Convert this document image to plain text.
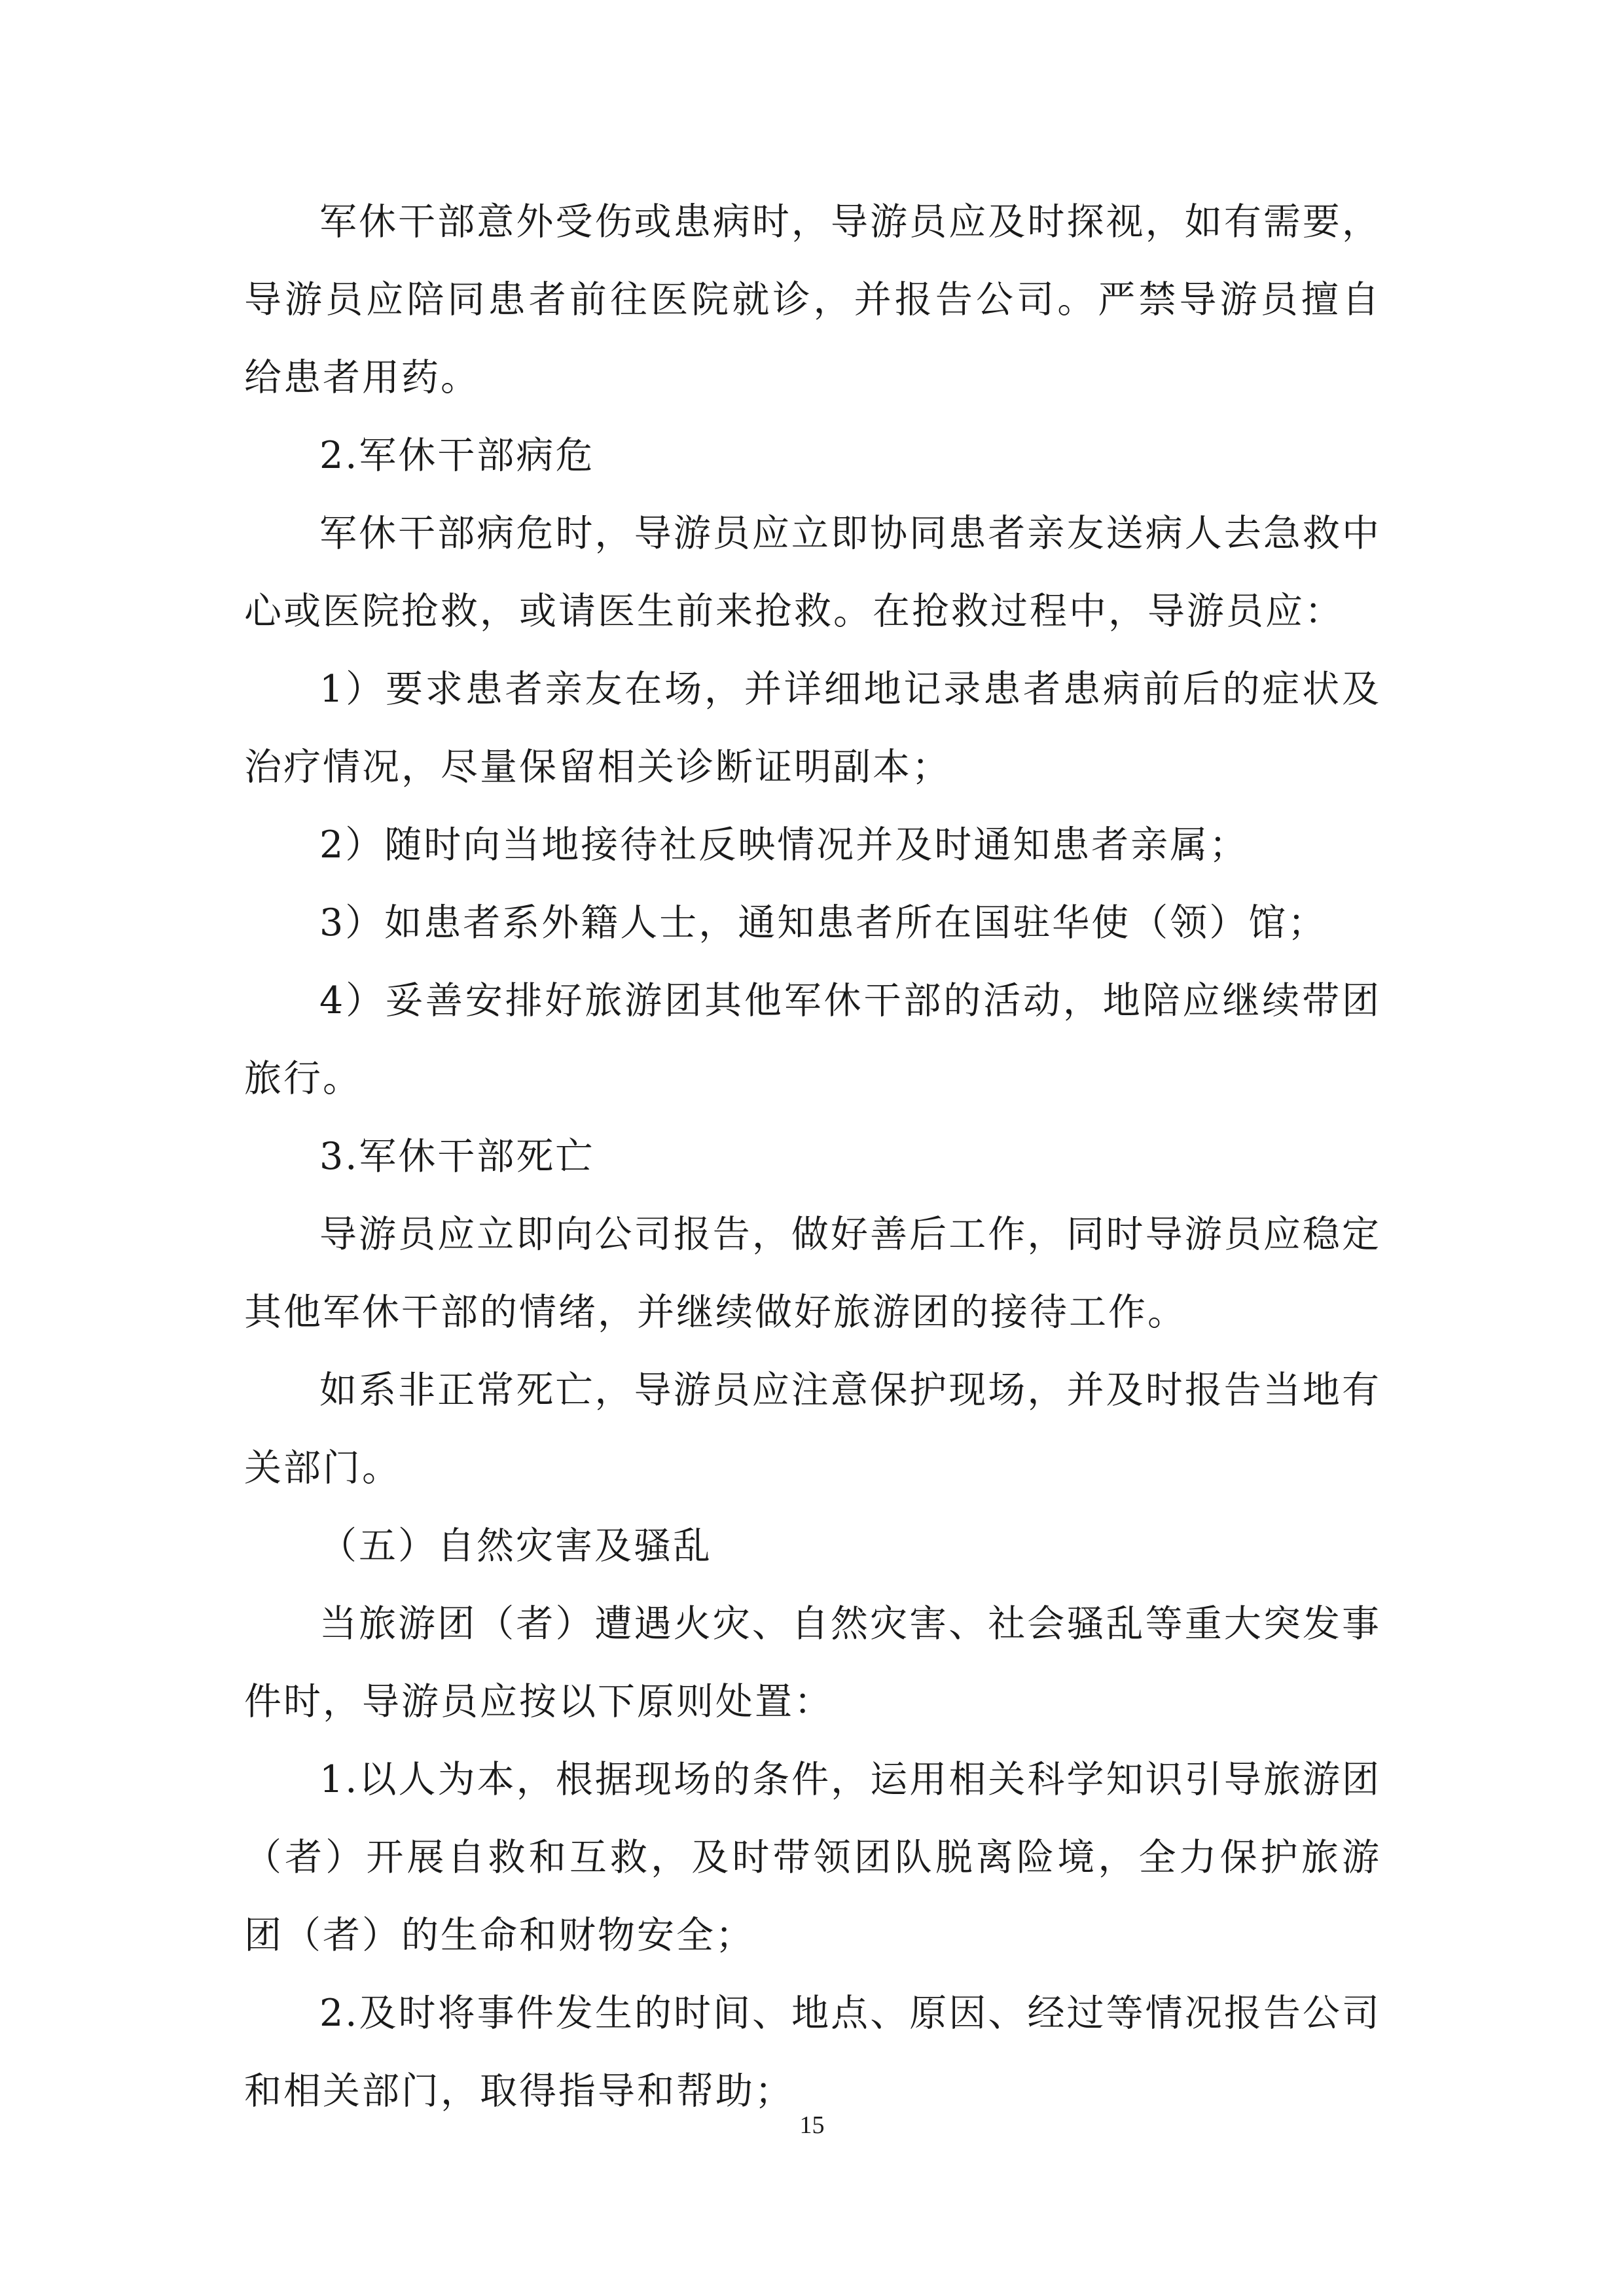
军休干部意外受伤或患病时，导游员应及时探视，如有需要，导游员应陪同患者前往医院就诊，并报告公司。严禁导游员擅自给患者用药。

2.军休干部病危

军休干部病危时，导游员应立即协同患者亲友送病人去急救中心或医院抢救，或请医生前来抢救。在抢救过程中，导游员应：

1）要求患者亲友在场，并详细地记录患者患病前后的症状及治疗情况，尽量保留相关诊断证明副本；

2）随时向当地接待社反映情况并及时通知患者亲属；

3）如患者系外籍人士，通知患者所在国驻华使（领）馆；

4）妥善安排好旅游团其他军休干部的活动，地陪应继续带团旅行。

3.军休干部死亡

导游员应立即向公司报告，做好善后工作，同时导游员应稳定其他军休干部的情绪，并继续做好旅游团的接待工作。

如系非正常死亡，导游员应注意保护现场，并及时报告当地有关部门。

（五）自然灾害及骚乱

当旅游团（者）遭遇火灾、自然灾害、社会骚乱等重大突发事件时，导游员应按以下原则处置：

1.以人为本，根据现场的条件，运用相关科学知识引导旅游团（者）开展自救和互救，及时带领团队脱离险境，全力保护旅游团（者）的生命和财物安全；

2.及时将事件发生的时间、地点、原因、经过等情况报告公司和相关部门，取得指导和帮助；

15
